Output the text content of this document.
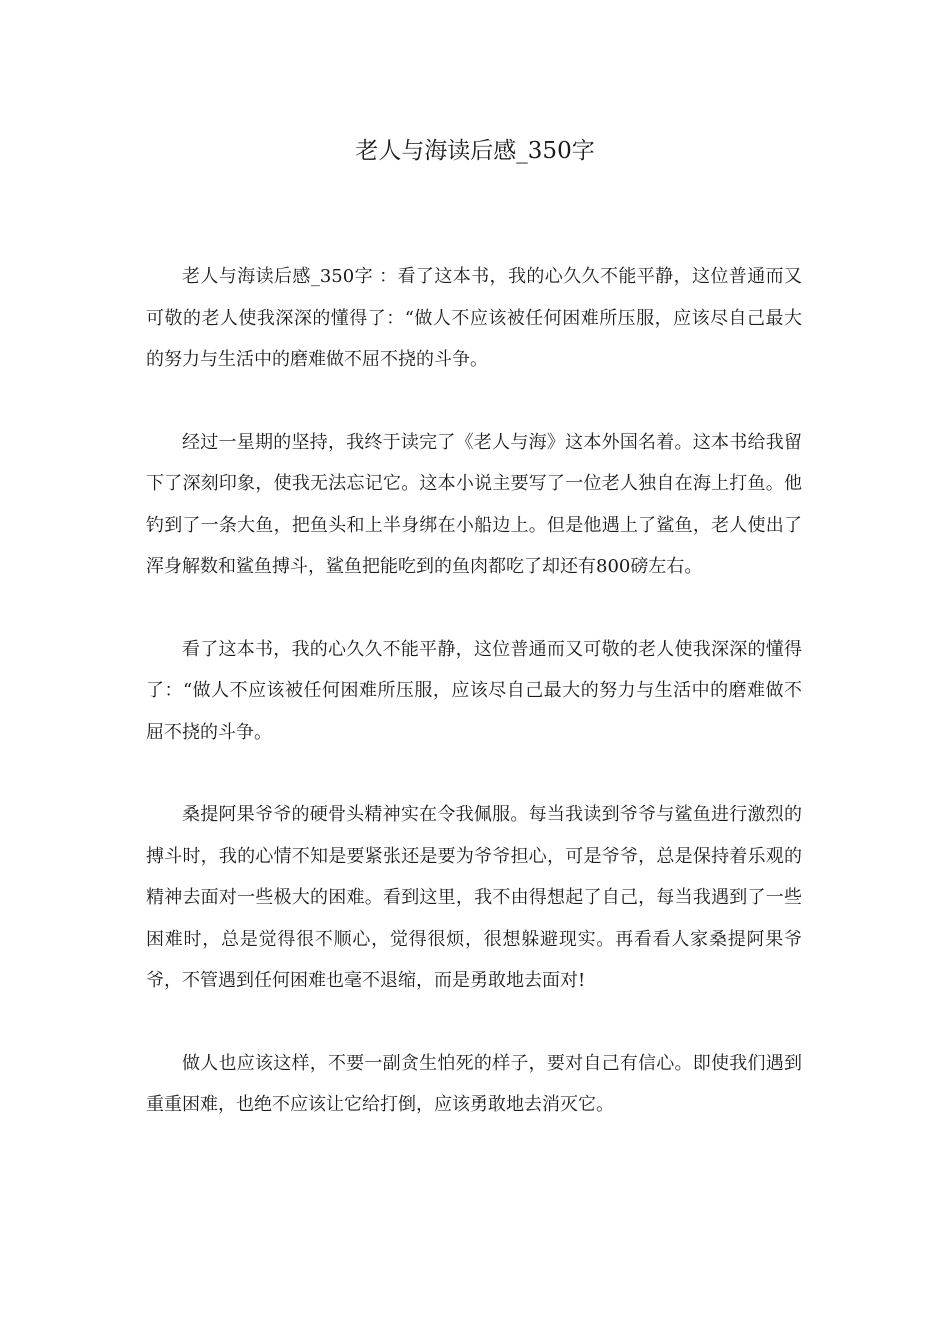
老人与海读后感_350字

老人与海读后感_350字 ：看了这本书，我的心久久不能平静，这位普通而又可敬的老人使我深深的懂得了：“做人不应该被任何困难所压服，应该尽自己最大的努力与生活中的磨难做不屈不挠的斗争。

经过一星期的坚持，我终于读完了《老人与海》这本外国名着。这本书给我留下了深刻印象，使我无法忘记它。这本小说主要写了一位老人独自在海上打鱼。他钓到了一条大鱼，把鱼头和上半身绑在小船边上。但是他遇上了鲨鱼，老人使出了浑身解数和鲨鱼搏斗，鲨鱼把能吃到的鱼肉都吃了却还有800磅左右。

看了这本书，我的心久久不能平静，这位普通而又可敬的老人使我深深的懂得了：“做人不应该被任何困难所压服，应该尽自己最大的努力与生活中的磨难做不屈不挠的斗争。

桑提阿果爷爷的硬骨头精神实在令我佩服。每当我读到爷爷与鲨鱼进行激烈的搏斗时，我的心情不知是要紧张还是要为爷爷担心，可是爷爷，总是保持着乐观的精神去面对一些极大的困难。看到这里，我不由得想起了自己，每当我遇到了一些困难时，总是觉得很不顺心，觉得很烦，很想躲避现实。再看看人家桑提阿果爷爷，不管遇到任何困难也毫不退缩，而是勇敢地去面对!

做人也应该这样，不要一副贪生怕死的样子，要对自己有信心。即使我们遇到重重困难，也绝不应该让它给打倒，应该勇敢地去消灭它。
